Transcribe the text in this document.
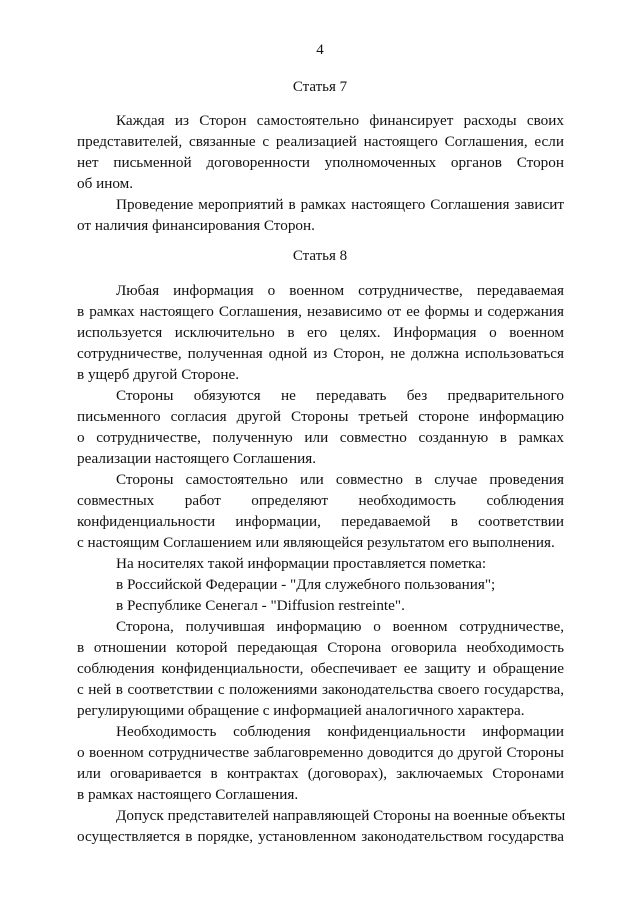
4
Статья 7
Каждая из Сторон самостоятельно финансирует расходы своих
представителей, связанные с реализацией настоящего Соглашения, если
нет письменной договоренности уполномоченных органов Сторон
об ином.
Проведение мероприятий в рамках настоящего Соглашения зависит
от наличия финансирования Сторон.
Статья 8
Любая информация о военном сотрудничестве, передаваемая
в рамках настоящего Соглашения, независимо от ее формы и содержания
используется исключительно в его целях. Информация о военном
сотрудничестве, полученная одной из Сторон, не должна использоваться
в ущерб другой Стороне.
Стороны обязуются не передавать без предварительного
письменного согласия другой Стороны третьей стороне информацию
о сотрудничестве, полученную или совместно созданную в рамках
реализации настоящего Соглашения.
Стороны самостоятельно или совместно в случае проведения
совместных работ определяют необходимость соблюдения
конфиденциальности информации, передаваемой в соответствии
с настоящим Соглашением или являющейся результатом его выполнения.
На носителях такой информации проставляется пометка:
в Российской Федерации - "Для служебного пользования";
в Республике Сенегал - "Diffusion restreinte".
Сторона, получившая информацию о военном сотрудничестве,
в отношении которой передающая Сторона оговорила необходимость
соблюдения конфиденциальности, обеспечивает ее защиту и обращение
с ней в соответствии с положениями законодательства своего государства,
регулирующими обращение с информацией аналогичного характера.
Необходимость соблюдения конфиденциальности информации
о военном сотрудничестве заблаговременно доводится до другой Стороны
или оговаривается в контрактах (договорах), заключаемых Сторонами
в рамках настоящего Соглашения.
Допуск представителей направляющей Стороны на военные объекты
осуществляется в порядке, установленном законодательством государства
